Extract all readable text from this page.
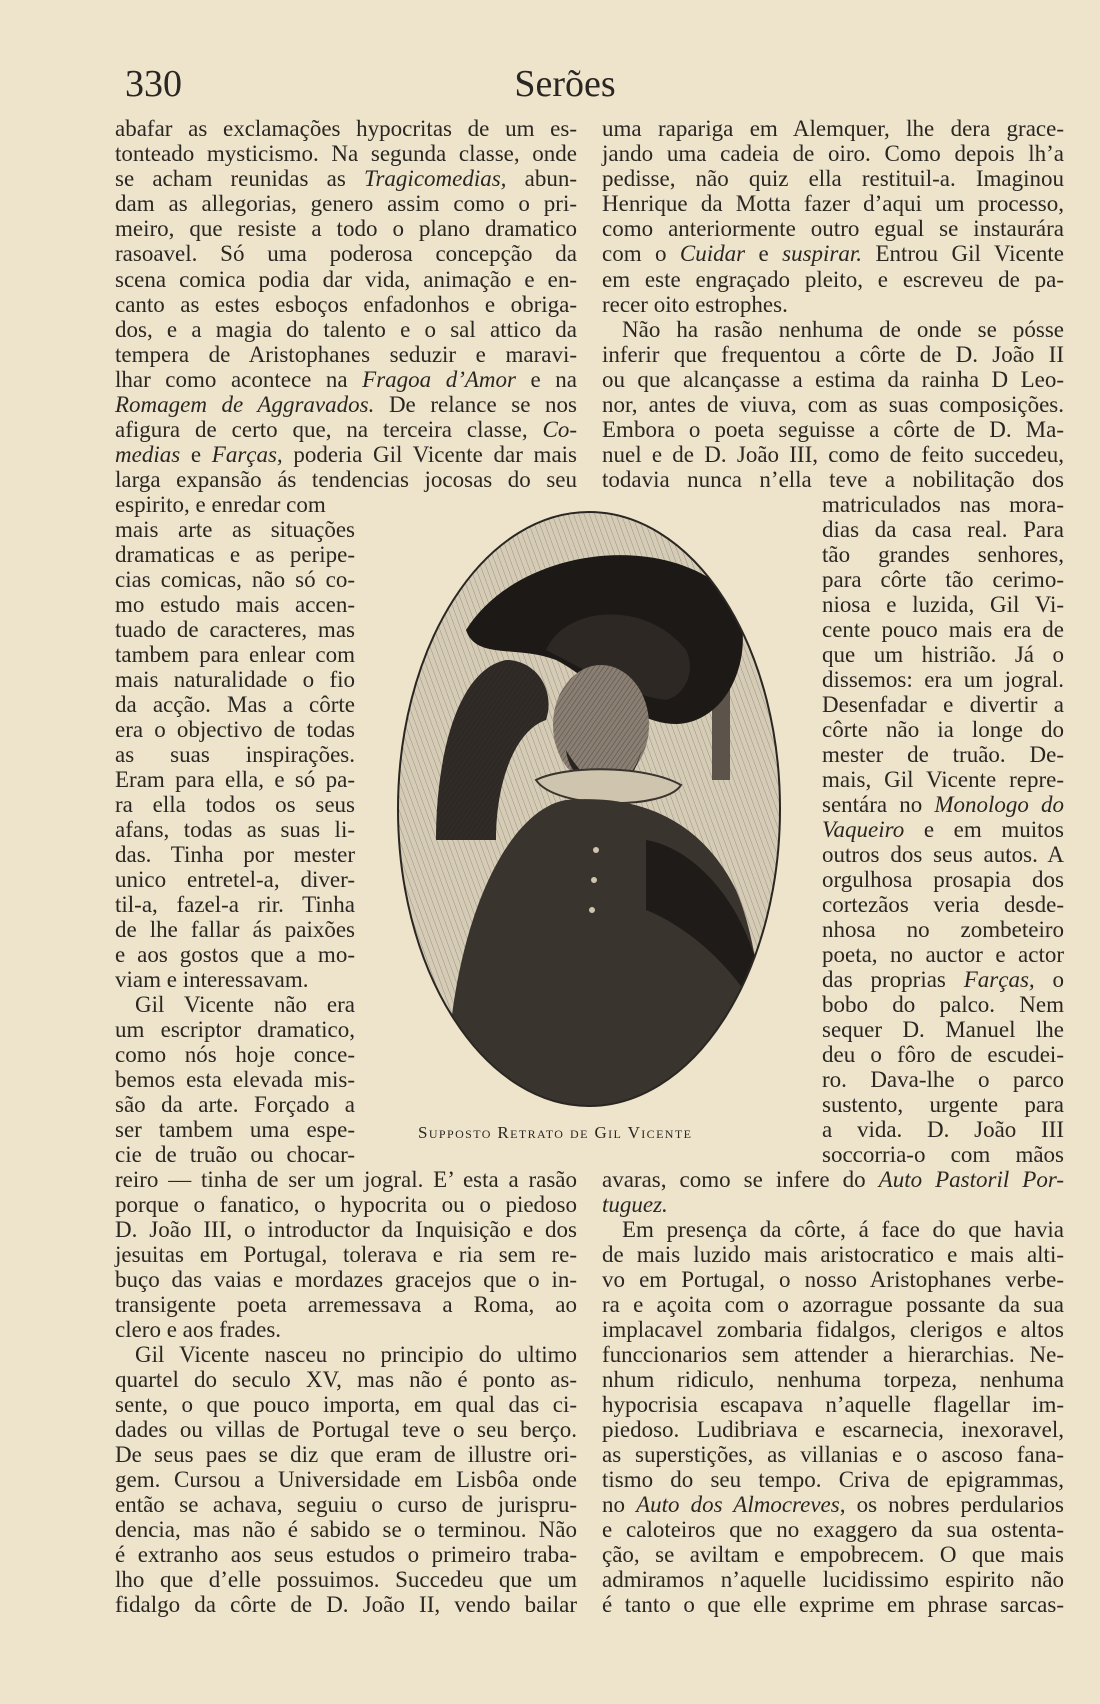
330	Serões
abafar as exclamações hypocritas de um es-
tonteado mysticismo. Na segunda classe, onde
se acham reunidas as Tragicomedias, abun-
dam as allegorias, genero assim como o pri-
meiro, que resiste a todo o plano dramatico
rasoavel. Só uma poderosa concepção da
scena comica podia dar vida, animação e en-
canto as estes esboços enfadonhos e obriga-
dos, e a magia do talento e o sal attico da
tempera de Aristophanes seduzir e maravi-
lhar como acontece na Fragoa d’Amor e na
Romagem de Aggravados. De relance se nos
afigura de certo que, na terceira classe, Co-
medias e Farças, poderia Gil Vicente dar mais
larga expansão ás tendencias jocosas do seu
espirito, e enredar com
mais arte as situações
dramaticas e as peripe-
cias comicas, não só co-
mo estudo mais accen-
tuado de caracteres, mas
tambem para enlear com
mais naturalidade o fio
da acção. Mas a côrte
era o objectivo de todas
as suas inspirações.
Eram para ella, e só pa-
ra ella todos os seus
afans, todas as suas li-
das. Tinha por mester
unico entretel-a, diver-
til-a, fazel-a rir. Tinha
de lhe fallar ás paixões
e aos gostos que a mo-
viam e interessavam.
Gil Vicente não era
um escriptor dramatico,
como nós hoje conce-
bemos esta elevada mis-
são da arte. Forçado a
ser tambem uma espe-
cie de truão ou chocar-
reiro — tinha de ser um jogral. E’ esta a rasão
porque o fanatico, o hypocrita ou o piedoso
D. João III, o introductor da Inquisição e dos
jesuitas em Portugal, tolerava e ria sem re-
buço das vaias e mordazes gracejos que o in-
transigente poeta arremessava a Roma, ao
clero e aos frades.
Gil Vicente nasceu no principio do ultimo
quartel do seculo XV, mas não é ponto as-
sente, o que pouco importa, em qual das ci-
dades ou villas de Portugal teve o seu berço.
De seus paes se diz que eram de illustre ori-
gem. Cursou a Universidade em Lisbôa onde
então se achava, seguiu o curso de jurispru-
dencia, mas não é sabido se o terminou. Não
é extranho aos seus estudos o primeiro traba-
lho que d’elle possuimos. Succedeu que um
fidalgo da côrte de D. João II, vendo bailar
uma rapariga em Alemquer, lhe dera grace-
jando uma cadeia de oiro. Como depois lh’a
pedisse, não quiz ella restituil-a. Imaginou
Henrique da Motta fazer d’aqui um processo,
como anteriormente outro egual se instaurára
com o Cuidar e suspirar. Entrou Gil Vicente
em este engraçado pleito, e escreveu de pa-
recer oito estrophes.
Não ha rasão nenhuma de onde se pósse
inferir que frequentou a côrte de D. João II
ou que alcançasse a estima da rainha D Leo-
nor, antes de viuva, com as suas composições.
Embora o poeta seguisse a côrte de D. Ma-
nuel e de D. João III, como de feito succedeu,
todavia nunca n’ella teve a nobilitação dos
matriculados nas mora-
dias da casa real. Para
tão grandes senhores,
para côrte tão cerimo-
niosa e luzida, Gil Vi-
cente pouco mais era de
que um histrião. Já o
dissemos: era um jogral.
Desenfadar e divertir a
côrte não ia longe do
mester de truão. De-
mais, Gil Vicente repre-
sentára no Monologo do
Vaqueiro e em muitos
outros dos seus autos. A
orgulhosa prosapia dos
cortezãos veria desde-
nhosa no zombeteiro
poeta, no auctor e actor
das proprias Farças, o
bobo do palco. Nem
sequer D. Manuel lhe
deu o fôro de escudei-
ro. Dava-lhe o parco
sustento, urgente para
a vida. D. João III
soccorria-o com mãos
avaras, como se infere do Auto Pastoril Por-
tuguez.
Em presença da côrte, á face do que havia
de mais luzido mais aristocratico e mais alti-
vo em Portugal, o nosso Aristophanes verbe-
ra e açoita com o azorrague possante da sua
implacavel zombaria fidalgos, clerigos e altos
funccionarios sem attender a hierarchias. Ne-
nhum ridiculo, nenhuma torpeza, nenhuma
hypocrisia escapava n’aquelle flagellar im-
piedoso. Ludibriava e escarnecia, inexoravel,
as superstições, as villanias e o ascoso fana-
tismo do seu tempo. Criva de epigrammas,
no Auto dos Almocreves, os nobres perdularios
e caloteiros que no exaggero da sua ostenta-
ção, se aviltam e empobrecem. O que mais
admiramos n’aquelle lucidissimo espirito não
é tanto o que elle exprime em phrase sarcas-
Supposto Retrato de Gil Vicente
